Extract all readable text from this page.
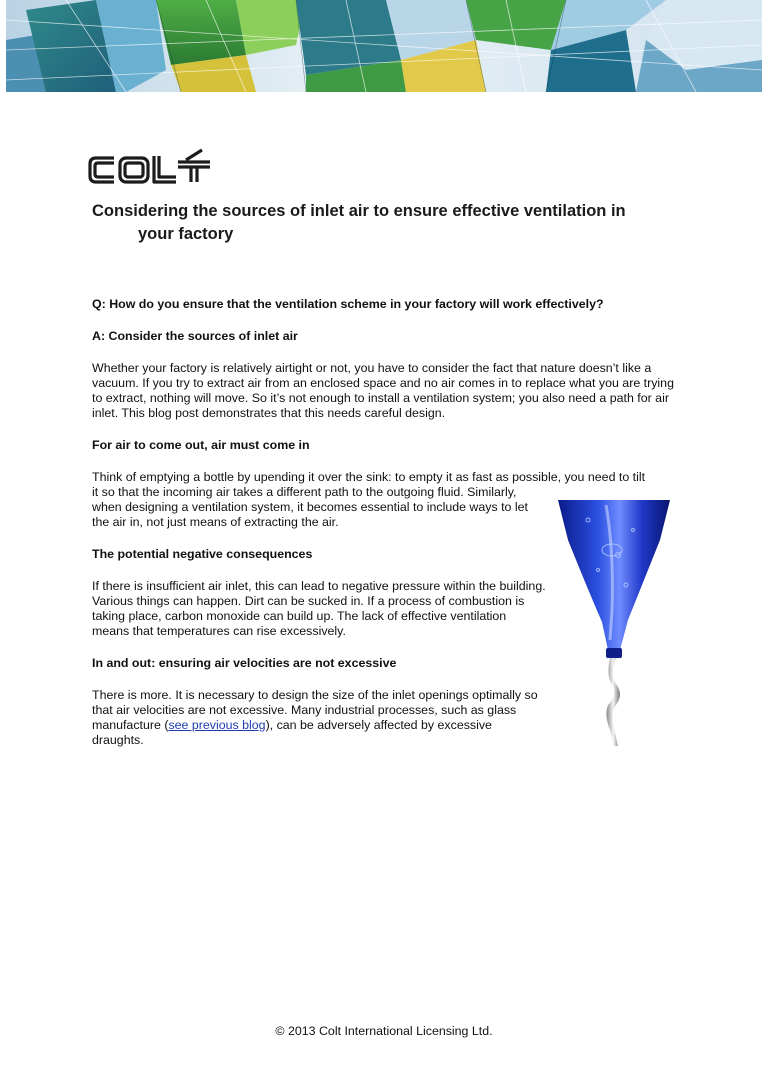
Considering the sources of inlet air to ensure effective ventilation in
your factory

Q: How do you ensure that the ventilation scheme in your factory will work effectively?

A: Consider the sources of inlet air

Whether your factory is relatively airtight or not, you have to consider the fact that nature doesn’t like a vacuum. If you try to extract air from an enclosed space and no air comes in to replace what you are trying to extract, nothing will move. So it’s not enough to install a ventilation system; you also need a path for air inlet. This blog post demonstrates that this needs careful design.

For air to come out, air must come in

Think of emptying a bottle by upending it over the sink: to empty it as fast as possible, you need to tilt
it so that the incoming air takes a different path to the outgoing fluid. Similarly,
when designing a ventilation system, it becomes essential to include ways to let
the air in, not just means of extracting the air.

The potential negative consequences

If there is insufficient air inlet, this can lead to negative pressure within the building. Various things can happen. Dirt can be sucked in. If a process of combustion is taking place, carbon monoxide can build up. The lack of effective ventilation means that temperatures can rise excessively.

In and out: ensuring air velocities are not excessive

There is more. It is necessary to design the size of the inlet openings optimally so that air velocities are not excessive. Many industrial processes, such as glass manufacture (see previous blog), can be adversely affected by excessive draughts.

© 2013 Colt International Licensing Ltd.
